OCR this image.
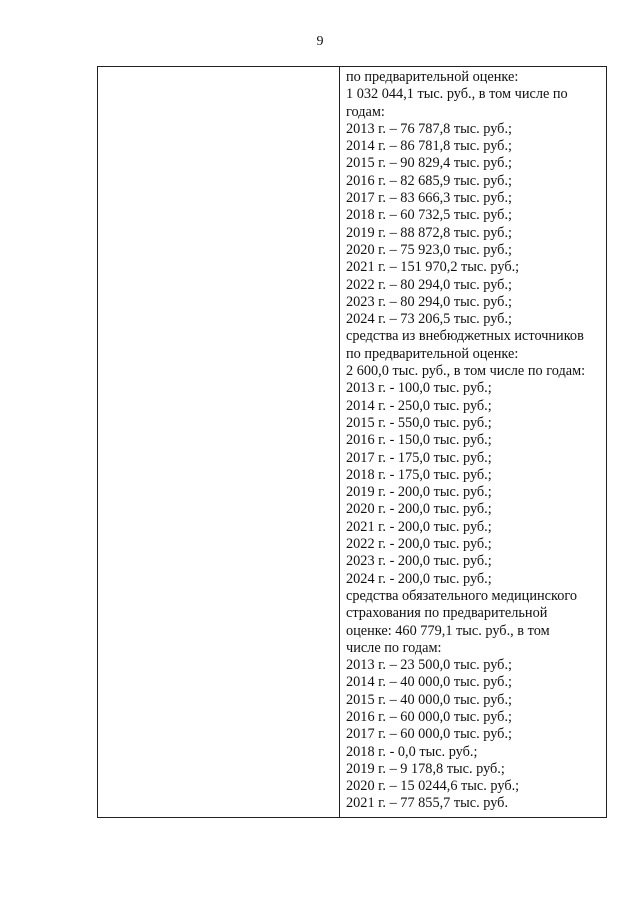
9
по предварительной оценке:
1 032 044,1 тыс. руб., в том числе по
годам:
2013 г. – 76 787,8 тыс. руб.;
2014 г. – 86 781,8 тыс. руб.;
2015 г. – 90 829,4 тыс. руб.;
2016 г. – 82 685,9 тыс. руб.;
2017 г. – 83 666,3 тыс. руб.;
2018 г. – 60 732,5 тыс. руб.;
2019 г. – 88 872,8 тыс. руб.;
2020 г. – 75 923,0 тыс. руб.;
2021 г. – 151 970,2 тыс. руб.;
2022 г. – 80 294,0 тыс. руб.;
2023 г. – 80 294,0 тыс. руб.;
2024 г. – 73 206,5 тыс. руб.;
средства из внебюджетных источников
по предварительной оценке:
2 600,0 тыс. руб., в том числе по годам:
2013 г. - 100,0 тыс. руб.;
2014 г. - 250,0 тыс. руб.;
2015 г. - 550,0 тыс. руб.;
2016 г. - 150,0 тыс. руб.;
2017 г. - 175,0 тыс. руб.;
2018 г. - 175,0 тыс. руб.;
2019 г. - 200,0 тыс. руб.;
2020 г. - 200,0 тыс. руб.;
2021 г. - 200,0 тыс. руб.;
2022 г. - 200,0 тыс. руб.;
2023 г. - 200,0 тыс. руб.;
2024 г. - 200,0 тыс. руб.;
средства обязательного медицинского
страхования по предварительной
оценке: 460 779,1 тыс. руб., в том
числе по годам:
2013 г. – 23 500,0 тыс. руб.;
2014 г. – 40 000,0 тыс. руб.;
2015 г. – 40 000,0 тыс. руб.;
2016 г. – 60 000,0 тыс. руб.;
2017 г. – 60 000,0 тыс. руб.;
2018 г. - 0,0 тыс. руб.;
2019 г. – 9 178,8 тыс. руб.;
2020 г. – 15 0244,6 тыс. руб.;
2021 г. – 77 855,7 тыс. руб.
